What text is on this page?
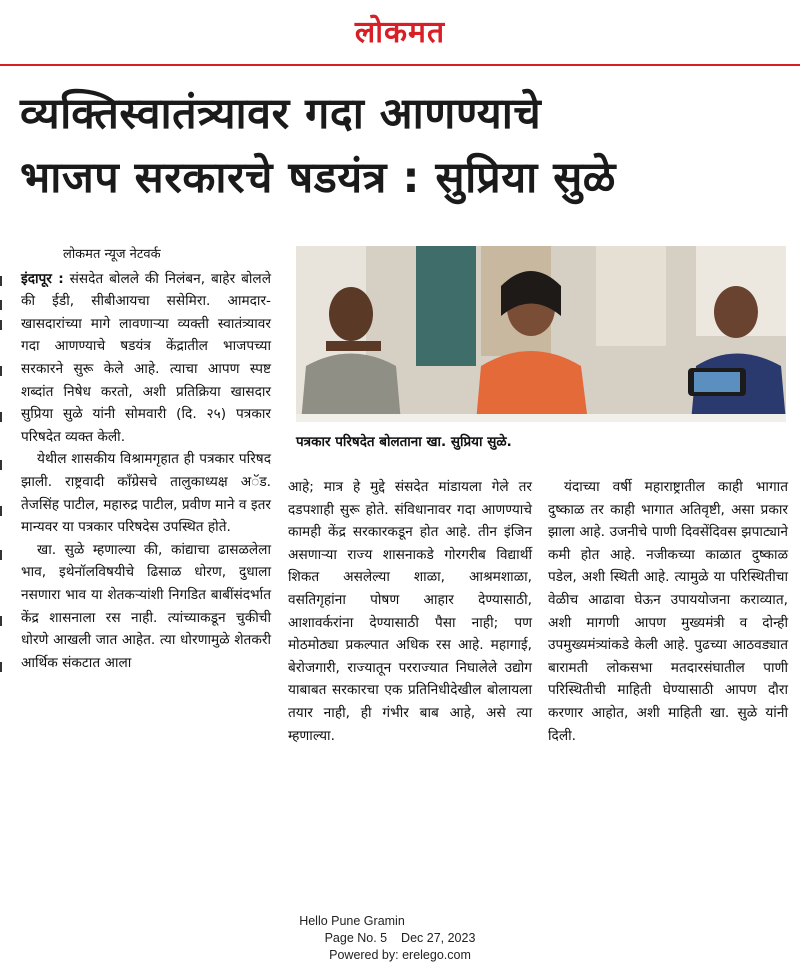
लोकमत
व्यक्तिस्वातंत्र्यावर गदा आणण्याचे
भाजप सरकारचे षडयंत्र : सुप्रिया सुळे
लोकमत न्यूज नेटवर्क

इंदापूर : संसदेत बोलले की निलंबन, बाहेर बोलले की ईडी, सीबीआयचा ससेमिरा. आमदार-खासदारांच्या मागे लावणाऱ्या व्यक्ती स्वातंत्र्यावर गदा आणण्याचे षडयंत्र केंद्रातील भाजपच्या सरकारने सुरू केले आहे. त्याचा आपण स्पष्ट शब्दांत निषेध करतो, अशी प्रतिक्रिया खासदार सुप्रिया सुळे यांनी सोमवारी (दि. २५) पत्रकार परिषदेत व्यक्त केली.

येथील शासकीय विश्रामगृहात ही पत्रकार परिषद झाली. राष्ट्रवादी काँग्रेसचे तालुकाध्यक्ष अॅड. तेजसिंह पाटील, महारुद्र पाटील, प्रवीण माने व इतर मान्यवर या पत्रकार परिषदेस उपस्थित होते.

खा. सुळे म्हणाल्या की, कांद्याचा ढासळलेला भाव, इथेनॉलविषयीचे ढिसाळ धोरण, दुधाला नसणारा भाव या शेतकऱ्यांशी निगडित बाबींसंदर्भात केंद्र शासनाला रस नाही. त्यांच्याकडून चुकीची धोरणे आखली जात आहेत. त्या धोरणामुळे शेतकरी आर्थिक संकटात आला

पत्रकार परिषदेत बोलताना खा. सुप्रिया सुळे.

आहे; मात्र हे मुद्दे संसदेत मांडायला गेले तर दडपशाही सुरू होते. संविधानावर गदा आणण्याचे कामही केंद्र सरकारकडून होत आहे. तीन इंजिन असणाऱ्या राज्य शासनाकडे गोरगरीब विद्यार्थी शिकत असलेल्या शाळा, आश्रमशाळा, वसतिगृहांना पोषण आहार देण्यासाठी, आशावर्करांना देण्यासाठी पैसा नाही; पण मोठमोठ्या प्रकल्पात अधिक रस आहे. महागाई, बेरोजगारी, राज्यातून परराज्यात निघालेले उद्योग याबाबत सरकारचा एक प्रतिनिधीदेखील बोलायला तयार नाही, ही गंभीर बाब आहे, असे त्या म्हणाल्या.

यंदाच्या वर्षी महाराष्ट्रातील काही भागात दुष्काळ तर काही भागात अतिवृष्टी, असा प्रकार झाला आहे. उजनीचे पाणी दिवसेंदिवस झपाट्याने कमी होत आहे. नजीकच्या काळात दुष्काळ पडेल, अशी स्थिती आहे. त्यामुळे या परिस्थितीचा वेळीच आढावा घेऊन उपाययोजना कराव्यात, अशी मागणी आपण मुख्यमंत्री व दोन्ही उपमुख्यमंत्र्यांकडे केली आहे. पुढच्या आठवड्यात बारामती लोकसभा मतदारसंघातील पाणी परिस्थितीची माहिती घेण्यासाठी आपण दौरा करणार आहोत, अशी माहिती खा. सुळे यांनी दिली.

Hello Pune Gramin
Page No. 5 Dec 27, 2023
Powered by: erelego.com
